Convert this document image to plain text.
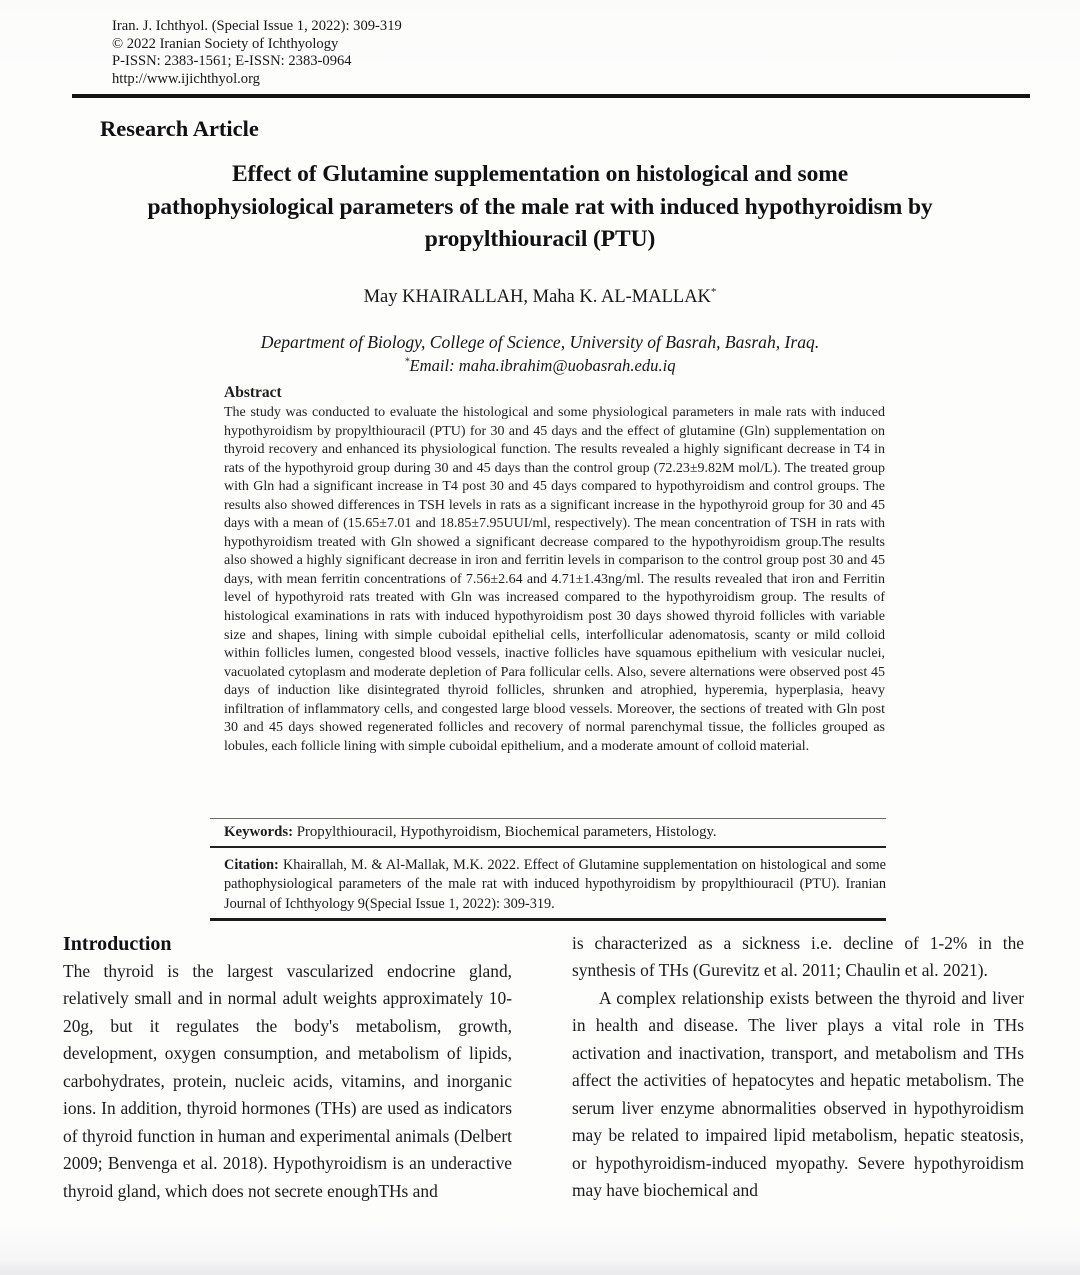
Iran. J. Ichthyol. (Special Issue 1, 2022): 309-319
© 2022 Iranian Society of Ichthyology
P-ISSN: 2383-1561; E-ISSN: 2383-0964
http://www.ijichthyol.org
Research Article
Effect of Glutamine supplementation on histological and some pathophysiological parameters of the male rat with induced hypothyroidism by propylthiouracil (PTU)
May KHAIRALLAH, Maha K. AL-MALLAK*
Department of Biology, College of Science, University of Basrah, Basrah, Iraq.
*Email: maha.ibrahim@uobasrah.edu.iq
Abstract

The study was conducted to evaluate the histological and some physiological parameters in male rats with induced hypothyroidism by propylthiouracil (PTU) for 30 and 45 days and the effect of glutamine (Gln) supplementation on thyroid recovery and enhanced its physiological function. The results revealed a highly significant decrease in T4 in rats of the hypothyroid group during 30 and 45 days than the control group (72.23±9.82M mol/L). The treated group with Gln had a significant increase in T4 post 30 and 45 days compared to hypothyroidism and control groups. The results also showed differences in TSH levels in rats as a significant increase in the hypothyroid group for 30 and 45 days with a mean of (15.65±7.01 and 18.85±7.95UUI/ml, respectively). The mean concentration of TSH in rats with hypothyroidism treated with Gln showed a significant decrease compared to the hypothyroidism group.The results also showed a highly significant decrease in iron and ferritin levels in comparison to the control group post 30 and 45 days, with mean ferritin concentrations of 7.56±2.64 and 4.71±1.43ng/ml. The results revealed that iron and Ferritin level of hypothyroid rats treated with Gln was increased compared to the hypothyroidism group. The results of histological examinations in rats with induced hypothyroidism post 30 days showed thyroid follicles with variable size and shapes, lining with simple cuboidal epithelial cells, interfollicular adenomatosis, scanty or mild colloid within follicles lumen, congested blood vessels, inactive follicles have squamous epithelium with vesicular nuclei, vacuolated cytoplasm and moderate depletion of Para follicular cells. Also, severe alternations were observed post 45 days of induction like disintegrated thyroid follicles, shrunken and atrophied, hyperemia, hyperplasia, heavy infiltration of inflammatory cells, and congested large blood vessels. Moreover, the sections of treated with Gln post 30 and 45 days showed regenerated follicles and recovery of normal parenchymal tissue, the follicles grouped as lobules, each follicle lining with simple cuboidal epithelium, and a moderate amount of colloid material.

Keywords: Propylthiouracil, Hypothyroidism, Biochemical parameters, Histology.
Citation: Khairallah, M. & Al-Mallak, M.K. 2022. Effect of Glutamine supplementation on histological and some pathophysiological parameters of the male rat with induced hypothyroidism by propylthiouracil (PTU). Iranian Journal of Ichthyology 9(Special Issue 1, 2022): 309-319.
Introduction

The thyroid is the largest vascularized endocrine gland, relatively small and in normal adult weights approximately 10-20g, but it regulates the body's metabolism, growth, development, oxygen consumption, and metabolism of lipids, carbohydrates, protein, nucleic acids, vitamins, and inorganic ions. In addition, thyroid hormones (THs) are used as indicators of thyroid function in human and experimental animals (Delbert 2009; Benvenga et al. 2018). Hypothyroidism is an underactive thyroid gland, which does not secrete enoughTHs and

is characterized as a sickness i.e. decline of 1-2% in the synthesis of THs (Gurevitz et al. 2011; Chaulin et al. 2021).

A complex relationship exists between the thyroid and liver in health and disease. The liver plays a vital role in THs activation and inactivation, transport, and metabolism and THs affect the activities of hepatocytes and hepatic metabolism. The serum liver enzyme abnormalities observed in hypothyroidism may be related to impaired lipid metabolism, hepatic steatosis, or hypothyroidism-induced myopathy. Severe hypothyroidism may have biochemical and
